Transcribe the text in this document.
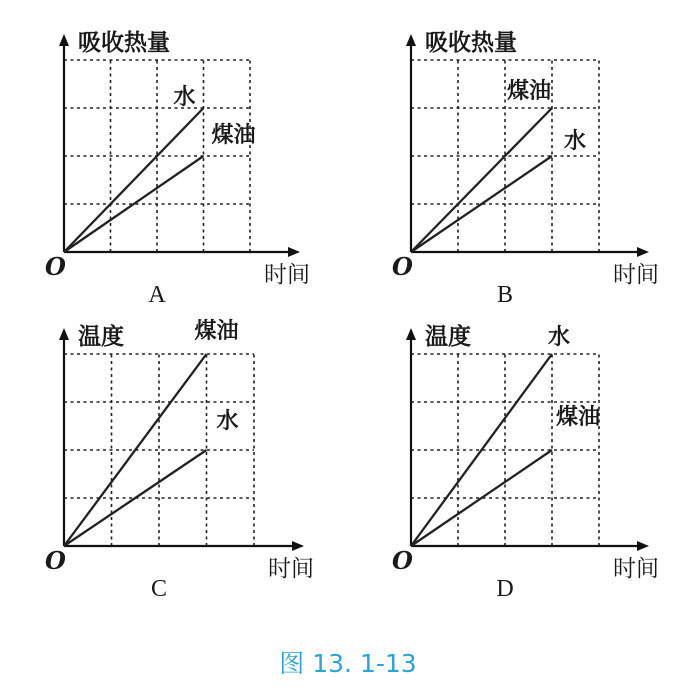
水
煤油
吸收热量
时间
O
A
煤油
水
吸收热量
时间
O
B
煤油
水
温度
时间
O
C
水
煤油
温度
时间
O
D
图 13. 1-13
